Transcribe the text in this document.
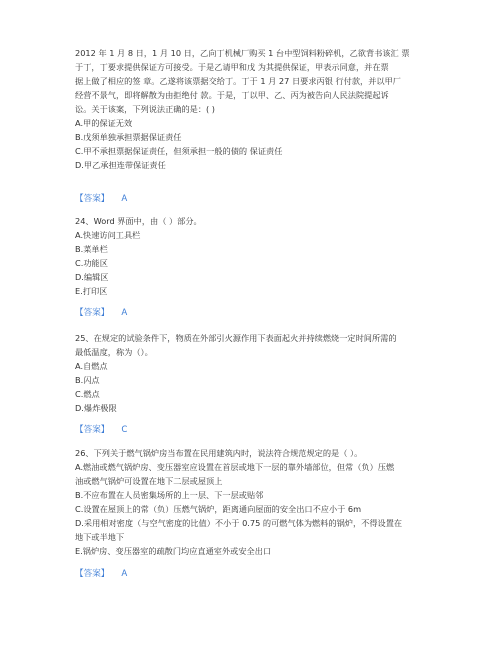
2012 年 1 月 8 日，1 月 10 日，乙向丁机械厂购买 1 台中型饲料粉碎机，乙欲背书该汇 票
于丁，丁要求提供保证方可接受。于是乙请甲和戊 为其提供保证，甲表示同意，并在票
据上做了相应的签 章。乙遂将该票据交给丁。丁于 1 月 27 日要求丙银 行付款，并以甲厂
经营不景气，即将解散为由拒绝付 款。于是，丁以甲、乙、丙为被告向人民法院提起诉
讼。关于该案，下列说法正确的是：( )
A.甲的保证无效
B.戊须单独承担票据保证责任
C.甲不承担票据保证责任，但须承担一般的债的 保证责任
D.甲乙承担连带保证责任
【答案】 A
24、Word 界面中，由（ ）部分。
A.快速访问工具栏
B.菜单栏
C.功能区
D.编辑区
E.打印区
【答案】 A
25、在规定的试验条件下，物质在外部引火源作用下表面起火并持续燃烧一定时间所需的
最低温度，称为（）。
A.自燃点
B.闪点
C.燃点
D.爆炸极限
【答案】 C
26、下列关于燃气锅炉房当布置在民用建筑内时，说法符合规范规定的是（ ）。
A.燃油或燃气锅炉房、变压器室应设置在首层或地下一层的靠外墙部位，但常（负）压燃
油或燃气锅炉可设置在地下二层或屋顶上
B.不应布置在人员密集场所的上一层、下一层或贴邻
C.设置在屋顶上的常（负）压燃气锅炉，距离通向屋面的安全出口不应小于 6m
D.采用相对密度（与空气密度的比值）不小于 0.75 的可燃气体为燃料的锅炉，不得设置在
地下或半地下
E.锅炉房、变压器室的疏散门均应直通室外或安全出口
【答案】 A
